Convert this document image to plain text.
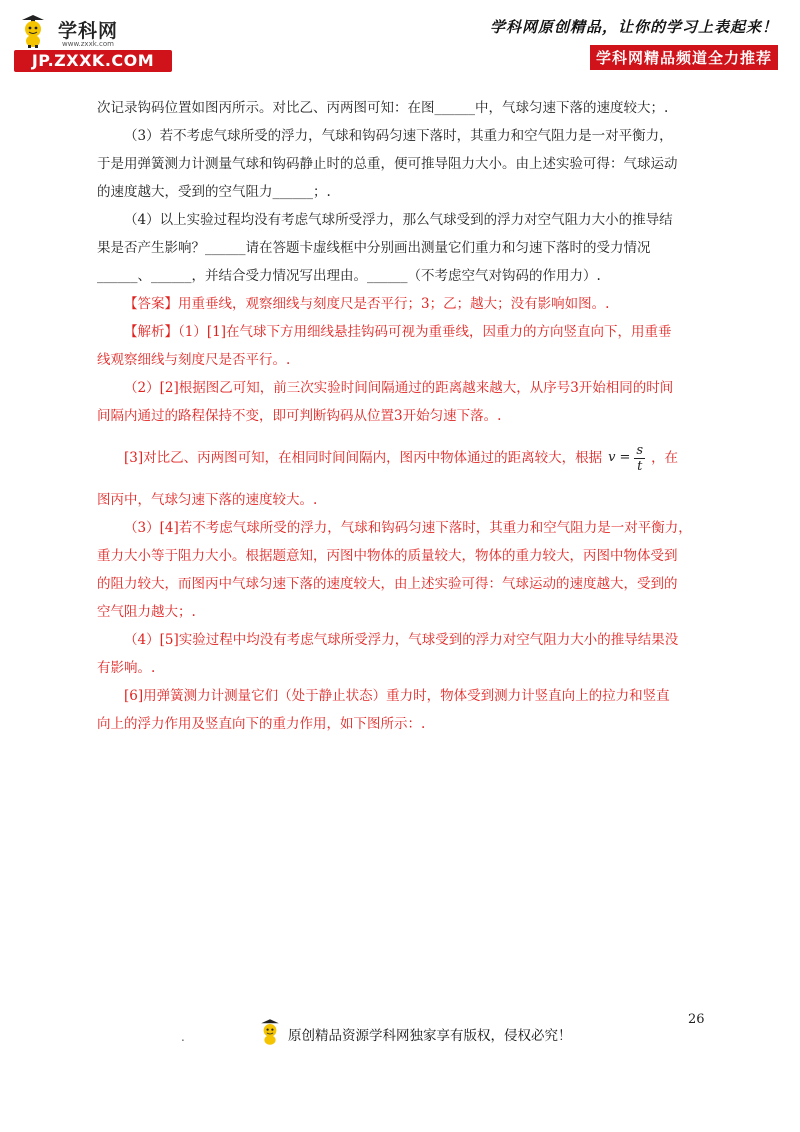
学科网
www.zxxk.com
JP.ZXXK.COM
学科网原创精品，让你的学习上表起来！
学科网精品频道全力推荐

次记录钩码位置如图丙所示。对比乙、丙两图可知：在图______中，气球匀速下落的速度较大；.

（3）若不考虑气球所受的浮力，气球和钩码匀速下落时，其重力和空气阻力是一对平衡力，

于是用弹簧测力计测量气球和钩码静止时的总重，便可推导阻力大小。由上述实验可得：气球运动

的速度越大，受到的空气阻力______；.

（4）以上实验过程均没有考虑气球所受浮力，那么气球受到的浮力对空气阻力大小的推导结

果是否产生影响？______请在答题卡虚线框中分别画出测量它们重力和匀速下落时的受力情况

______、______，并结合受力情况写出理由。______（不考虑空气对钩码的作用力）.

【答案】用重垂线，观察细线与刻度尺是否平行；3；乙；越大；没有影响如图。.

【解析】（1）[1]在气球下方用细线悬挂钩码可视为重垂线，因重力的方向竖直向下，用重垂

线观察细线与刻度尺是否平行。.

（2）[2]根据图乙可知，前三次实验时间间隔通过的距离越来越大，从序号3开始相同的时间

间隔内通过的路程保持不变，即可判断钩码从位置3开始匀速下落。.

[3]对比乙、丙两图可知，在相同时间间隔内，图丙中物体通过的距离较大，根据 $v = \frac{s}{t}$ ，在

图丙中，气球匀速下落的速度较大。.

（3）[4]若不考虑气球所受的浮力，气球和钩码匀速下落时，其重力和空气阻力是一对平衡力，

重力大小等于阻力大小。根据题意知，丙图中物体的质量较大，物体的重力较大，丙图中物体受到

的阻力较大，而图丙中气球匀速下落的速度较大，由上述实验可得：气球运动的速度越大，受到的

空气阻力越大；.

（4）[5]实验过程中均没有考虑气球所受浮力，气球受到的浮力对空气阻力大小的推导结果没

有影响。.

[6]用弹簧测力计测量它们（处于静止状态）重力时，物体受到测力计竖直向上的拉力和竖直

向上的浮力作用及竖直向下的重力作用，如下图所示：.

26
.	原创精品资源学科网独家享有版权，侵权必究！
